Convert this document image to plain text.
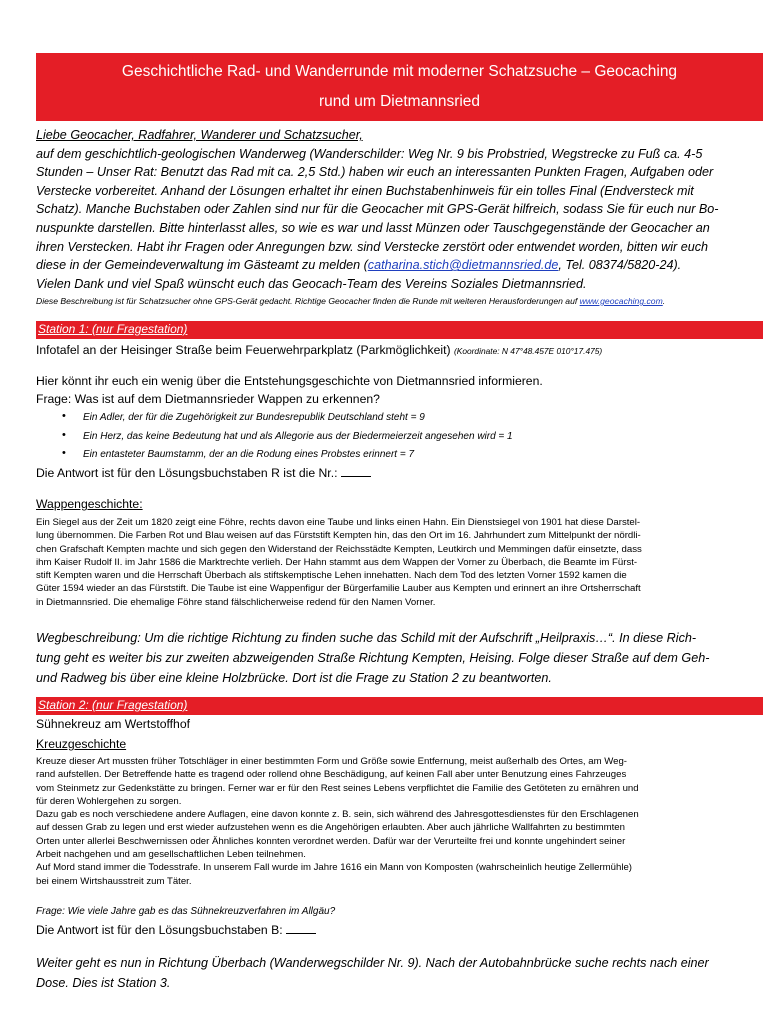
Geschichtliche Rad- und Wanderrunde mit moderner Schatzsuche – Geocaching
rund um Dietmannsried
Liebe Geocacher, Radfahrer, Wanderer und Schatzsucher,
auf dem geschichtlich-geologischen Wanderweg (Wanderschilder: Weg Nr. 9 bis Probstried, Wegstrecke zu Fuß ca. 4-5
Stunden – Unser Rat: Benutzt das Rad mit ca. 2,5 Std.) haben wir euch an interessanten Punkten Fragen, Aufgaben oder
Verstecke vorbereitet. Anhand der Lösungen erhaltet ihr einen Buchstabenhinweis für ein tolles Final (Endversteck mit
Schatz). Manche Buchstaben oder Zahlen sind nur für die Geocacher mit GPS-Gerät hilfreich, sodass Sie für euch nur Bo-
nuspunkte darstellen. Bitte hinterlasst alles, so wie es war und lasst Münzen oder Tauschgegenstände der Geocacher an
ihren Verstecken. Habt ihr Fragen oder Anregungen bzw. sind Verstecke zerstört oder entwendet worden, bitten wir euch
diese in der Gemeindeverwaltung im Gästeamt zu melden (catharina.stich@dietmannsried.de, Tel. 08374/5820-24).
Vielen Dank und viel Spaß wünscht euch das Geocach-Team des Vereins Soziales Dietmannsried.
Diese Beschreibung ist für Schatzsucher ohne GPS-Gerät gedacht. Richtige Geocacher finden die Runde mit weiteren Herausforderungen auf www.geocaching.com.
Station 1: (nur Fragestation)
Infotafel an der Heisinger Straße beim Feuerwehrparkplatz (Parkmöglichkeit) (Koordinate: N 47°48.457E 010°17.475)
Hier könnt ihr euch ein wenig über die Entstehungsgeschichte von Dietmannsried informieren.
Frage: Was ist auf dem Dietmannsrieder Wappen zu erkennen?
• Ein Adler, der für die Zugehörigkeit zur Bundesrepublik Deutschland steht = 9
• Ein Herz, das keine Bedeutung hat und als Allegorie aus der Biedermeierzeit angesehen wird = 1
• Ein entasteter Baumstamm, der an die Rodung eines Probstes erinnert = 7
Die Antwort ist für den Lösungsbuchstaben R ist die Nr.:
Wappengeschichte:
Ein Siegel aus der Zeit um 1820 zeigt eine Föhre, rechts davon eine Taube und links einen Hahn. Ein Dienstsiegel von 1901 hat diese Darstel-
lung übernommen. Die Farben Rot und Blau weisen auf das Fürststift Kempten hin, das den Ort im 16. Jahrhundert zum Mittelpunkt der nördli-
chen Grafschaft Kempten machte und sich gegen den Widerstand der Reichsstädte Kempten, Leutkirch und Memmingen dafür einsetzte, dass
ihm Kaiser Rudolf II. im Jahr 1586 die Marktrechte verlieh. Der Hahn stammt aus dem Wappen der Vorner zu Überbach, die Beamte im Fürst-
stift Kempten waren und die Herrschaft Überbach als stiftskemptische Lehen innehatten. Nach dem Tod des letzten Vorner 1592 kamen die
Güter 1594 wieder an das Fürststift. Die Taube ist eine Wappenfigur der Bürgerfamilie Lauber aus Kempten und erinnert an ihre Ortsherrschaft
in Dietmannsried. Die ehemalige Föhre stand fälschlicherweise redend für den Namen Vorner.
Wegbeschreibung: Um die richtige Richtung zu finden suche das Schild mit der Aufschrift „Heilpraxis…“. In diese Rich-
tung geht es weiter bis zur zweiten abzweigenden Straße Richtung Kempten, Heising. Folge dieser Straße auf dem Geh-
und Radweg bis über eine kleine Holzbrücke. Dort ist die Frage zu Station 2 zu beantworten.
Station 2: (nur Fragestation)
Sühnekreuz am Wertstoffhof
Kreuzgeschichte
Kreuze dieser Art mussten früher Totschläger in einer bestimmten Form und Größe sowie Entfernung, meist außerhalb des Ortes, am Weg-
rand aufstellen. Der Betreffende hatte es tragend oder rollend ohne Beschädigung, auf keinen Fall aber unter Benutzung eines Fahrzeuges
vom Steinmetz zur Gedenkstätte zu bringen. Ferner war er für den Rest seines Lebens verpflichtet die Familie des Getöteten zu ernähren und
für deren Wohlergehen zu sorgen.
Dazu gab es noch verschiedene andere Auflagen, eine davon konnte z. B. sein, sich während des Jahresgottesdienstes für den Erschlagenen
auf dessen Grab zu legen und erst wieder aufzustehen wenn es die Angehörigen erlaubten. Aber auch jährliche Wallfahrten zu bestimmten
Orten unter allerlei Beschwernissen oder Ähnliches konnten verordnet werden. Dafür war der Verurteilte frei und konnte ungehindert seiner
Arbeit nachgehen und am gesellschaftlichen Leben teilnehmen.
Auf Mord stand immer die Todesstrafe. In unserem Fall wurde im Jahre 1616 ein Mann von Komposten (wahrscheinlich heutige Zellermühle)
bei einem Wirtshausstreit zum Täter.
Frage: Wie viele Jahre gab es das Sühnekreuzverfahren im Allgäu?
Die Antwort ist für den Lösungsbuchstaben B:
Weiter geht es nun in Richtung Überbach (Wanderwegschilder Nr. 9). Nach der Autobahnbrücke suche rechts nach einer
Dose. Dies ist Station 3.
